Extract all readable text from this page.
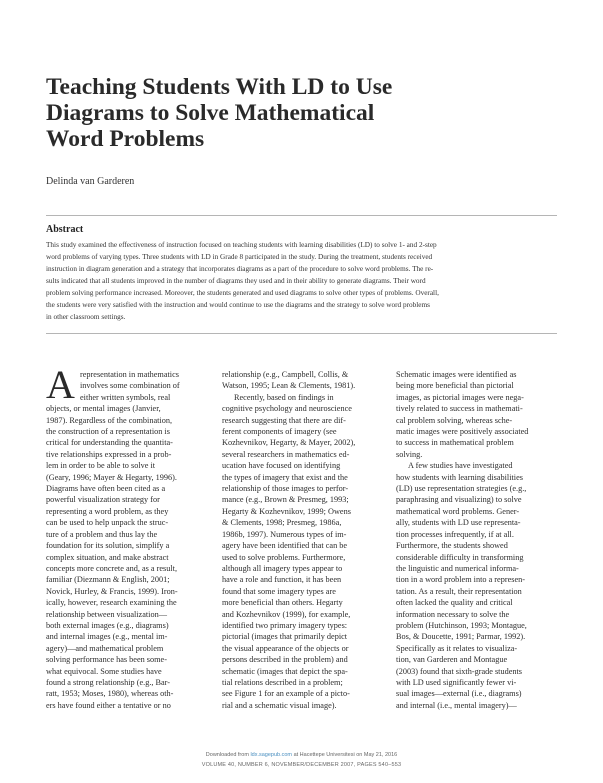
Teaching Students With LD to Use
Diagrams to Solve Mathematical
Word Problems
Delinda van Garderen
Abstract
This study examined the effectiveness of instruction focused on teaching students with learning disabilities (LD) to solve 1- and 2-step
word problems of varying types. Three students with LD in Grade 8 participated in the study. During the treatment, students received
instruction in diagram generation and a strategy that incorporates diagrams as a part of the procedure to solve word problems. The re-
sults indicated that all students improved in the number of diagrams they used and in their ability to generate diagrams. Their word
problem solving performance increased. Moreover, the students generated and used diagrams to solve other types of problems. Overall,
the students were very satisfied with the instruction and would continue to use the diagrams and the strategy to solve word problems
in other classroom settings.
A representation in mathematics
involves some combination of
either written symbols, real
objects, or mental images (Janvier,
1987). Regardless of the combination,
the construction of a representation is
critical for understanding the quantita-
tive relationships expressed in a prob-
lem in order to be able to solve it
(Geary, 1996; Mayer & Hegarty, 1996).
Diagrams have often been cited as a
powerful visualization strategy for
representing a word problem, as they
can be used to help unpack the struc-
ture of a problem and thus lay the
foundation for its solution, simplify a
complex situation, and make abstract
concepts more concrete and, as a result,
familiar (Diezmann & English, 2001;
Novick, Hurley, & Francis, 1999). Iron-
ically, however, research examining the
relationship between visualization—
both external images (e.g., diagrams)
and internal images (e.g., mental im-
agery)—and mathematical problem
solving performance has been some-
what equivocal. Some studies have
found a strong relationship (e.g., Bar-
ratt, 1953; Moses, 1980), whereas oth-
ers have found either a tentative or no
relationship (e.g., Campbell, Collis, &
Watson, 1995; Lean & Clements, 1981).
Recently, based on findings in
cognitive psychology and neuroscience
research suggesting that there are dif-
ferent components of imagery (see
Kozhevnikov, Hegarty, & Mayer, 2002),
several researchers in mathematics ed-
ucation have focused on identifying
the types of imagery that exist and the
relationship of those images to perfor-
mance (e.g., Brown & Presmeg, 1993;
Hegarty & Kozhevnikov, 1999; Owens
& Clements, 1998; Presmeg, 1986a,
1986b, 1997). Numerous types of im-
agery have been identified that can be
used to solve problems. Furthermore,
although all imagery types appear to
have a role and function, it has been
found that some imagery types are
more beneficial than others. Hegarty
and Kozhevnikov (1999), for example,
identified two primary imagery types:
pictorial (images that primarily depict
the visual appearance of the objects or
persons described in the problem) and
schematic (images that depict the spa-
tial relations described in a problem;
see Figure 1 for an example of a picto-
rial and a schematic visual image).
Schematic images were identified as
being more beneficial than pictorial
images, as pictorial images were nega-
tively related to success in mathemati-
cal problem solving, whereas sche-
matic images were positively associated
to success in mathematical problem
solving.
A few studies have investigated
how students with learning disabilities
(LD) use representation strategies (e.g.,
paraphrasing and visualizing) to solve
mathematical word problems. Gener-
ally, students with LD use representa-
tion processes infrequently, if at all.
Furthermore, the students showed
considerable difficulty in transforming
the linguistic and numerical informa-
tion in a word problem into a represen-
tation. As a result, their representation
often lacked the quality and critical
information necessary to solve the
problem (Hutchinson, 1993; Montague,
Bos, & Doucette, 1991; Parmar, 1992).
Specifically as it relates to visualiza-
tion, van Garderen and Montague
(2003) found that sixth-grade students
with LD used significantly fewer vi-
sual images—external (i.e., diagrams)
and internal (i.e., mental imagery)—
Downloaded from ldx.sagepub.com at Hacettepe Universitesi on May 21, 2016
VOLUME 40, NUMBER 6, NOVEMBER/DECEMBER 2007, PAGES 540–553
